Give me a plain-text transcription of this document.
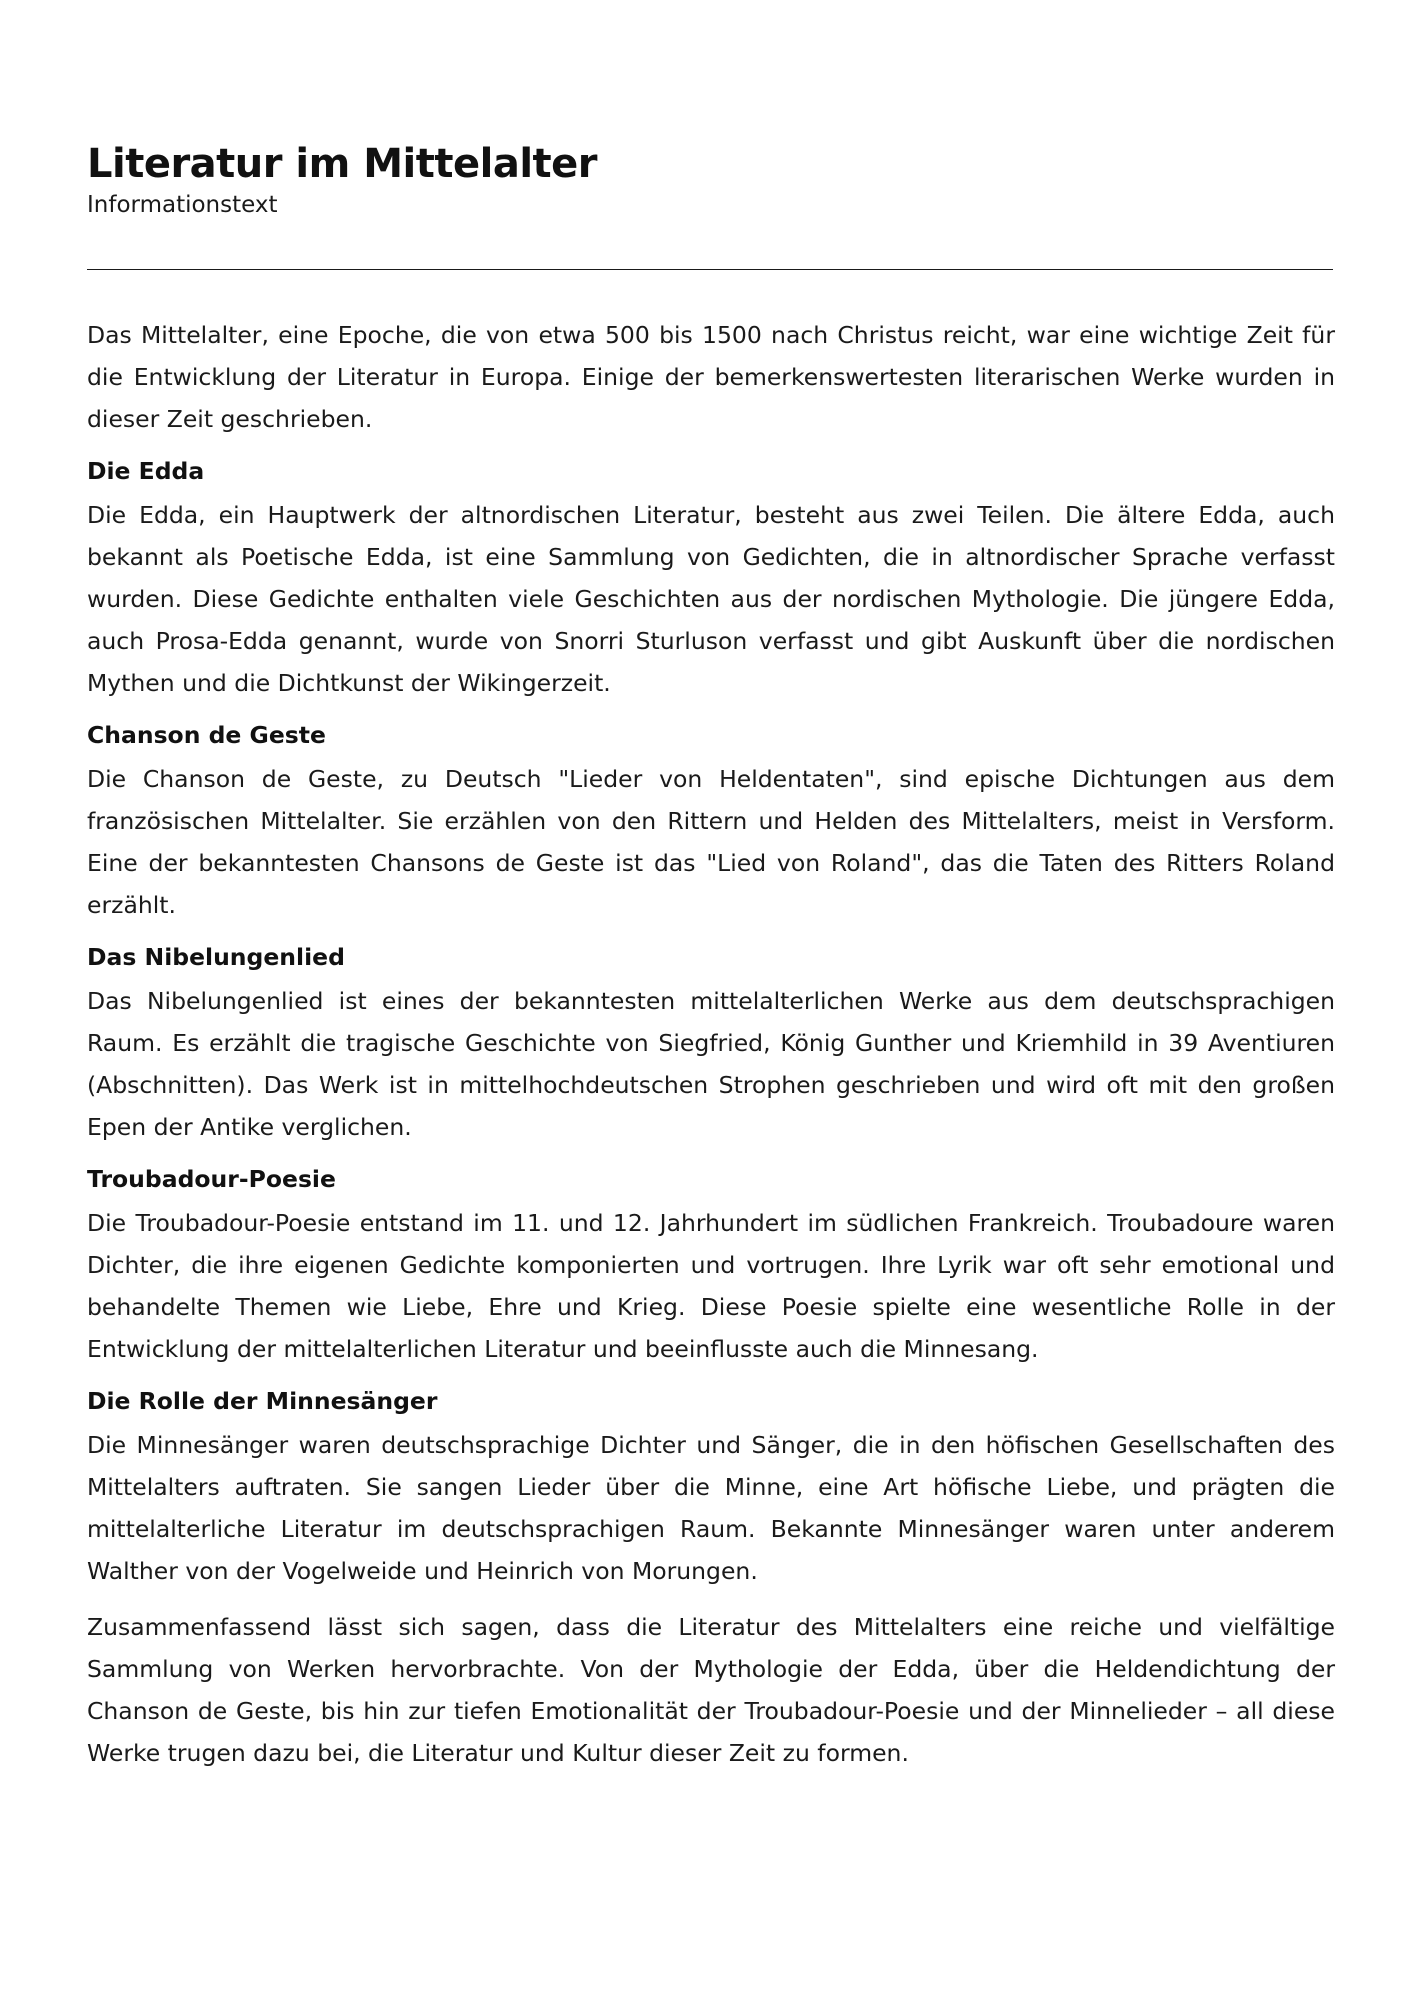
Literatur im Mittelalter
Informationstext

Das Mittelalter, eine Epoche, die von etwa 500 bis 1500 nach Christus reicht, war eine wichtige Zeit für die Entwicklung der Literatur in Europa. Einige der bemerkenswertesten literarischen Werke wurden in dieser Zeit geschrieben.

Die Edda

Die Edda, ein Hauptwerk der altnordischen Literatur, besteht aus zwei Teilen. Die ältere Edda, auch bekannt als Poetische Edda, ist eine Sammlung von Gedichten, die in altnordischer Sprache verfasst wurden. Diese Gedichte enthalten viele Geschichten aus der nordischen Mythologie. Die jüngere Edda, auch Prosa-Edda genannt, wurde von Snorri Sturluson verfasst und gibt Auskunft über die nordischen Mythen und die Dichtkunst der Wikingerzeit.

Chanson de Geste

Die Chanson de Geste, zu Deutsch "Lieder von Heldentaten", sind epische Dichtungen aus dem französischen Mittelalter. Sie erzählen von den Rittern und Helden des Mittelalters, meist in Versform. Eine der bekanntesten Chansons de Geste ist das "Lied von Roland", das die Taten des Ritters Roland erzählt.

Das Nibelungenlied

Das Nibelungenlied ist eines der bekanntesten mittelalterlichen Werke aus dem deutschsprachigen Raum. Es erzählt die tragische Geschichte von Siegfried, König Gunther und Kriemhild in 39 Aventiuren (Abschnitten). Das Werk ist in mittelhochdeutschen Strophen geschrieben und wird oft mit den großen Epen der Antike verglichen.

Troubadour-Poesie

Die Troubadour-Poesie entstand im 11. und 12. Jahrhundert im südlichen Frankreich. Troubadoure waren Dichter, die ihre eigenen Gedichte komponierten und vortrugen. Ihre Lyrik war oft sehr emotional und behandelte Themen wie Liebe, Ehre und Krieg. Diese Poesie spielte eine wesentliche Rolle in der Entwicklung der mittelalterlichen Literatur und beeinflusste auch die Minnesang.

Die Rolle der Minnesänger

Die Minnesänger waren deutschsprachige Dichter und Sänger, die in den höfischen Gesellschaften des Mittelalters auftraten. Sie sangen Lieder über die Minne, eine Art höfische Liebe, und prägten die mittelalterliche Literatur im deutschsprachigen Raum. Bekannte Minnesänger waren unter anderem Walther von der Vogelweide und Heinrich von Morungen.

Zusammenfassend lässt sich sagen, dass die Literatur des Mittelalters eine reiche und vielfältige Sammlung von Werken hervorbrachte. Von der Mythologie der Edda, über die Heldendichtung der Chanson de Geste, bis hin zur tiefen Emotionalität der Troubadour-Poesie und der Minnelieder – all diese Werke trugen dazu bei, die Literatur und Kultur dieser Zeit zu formen.
